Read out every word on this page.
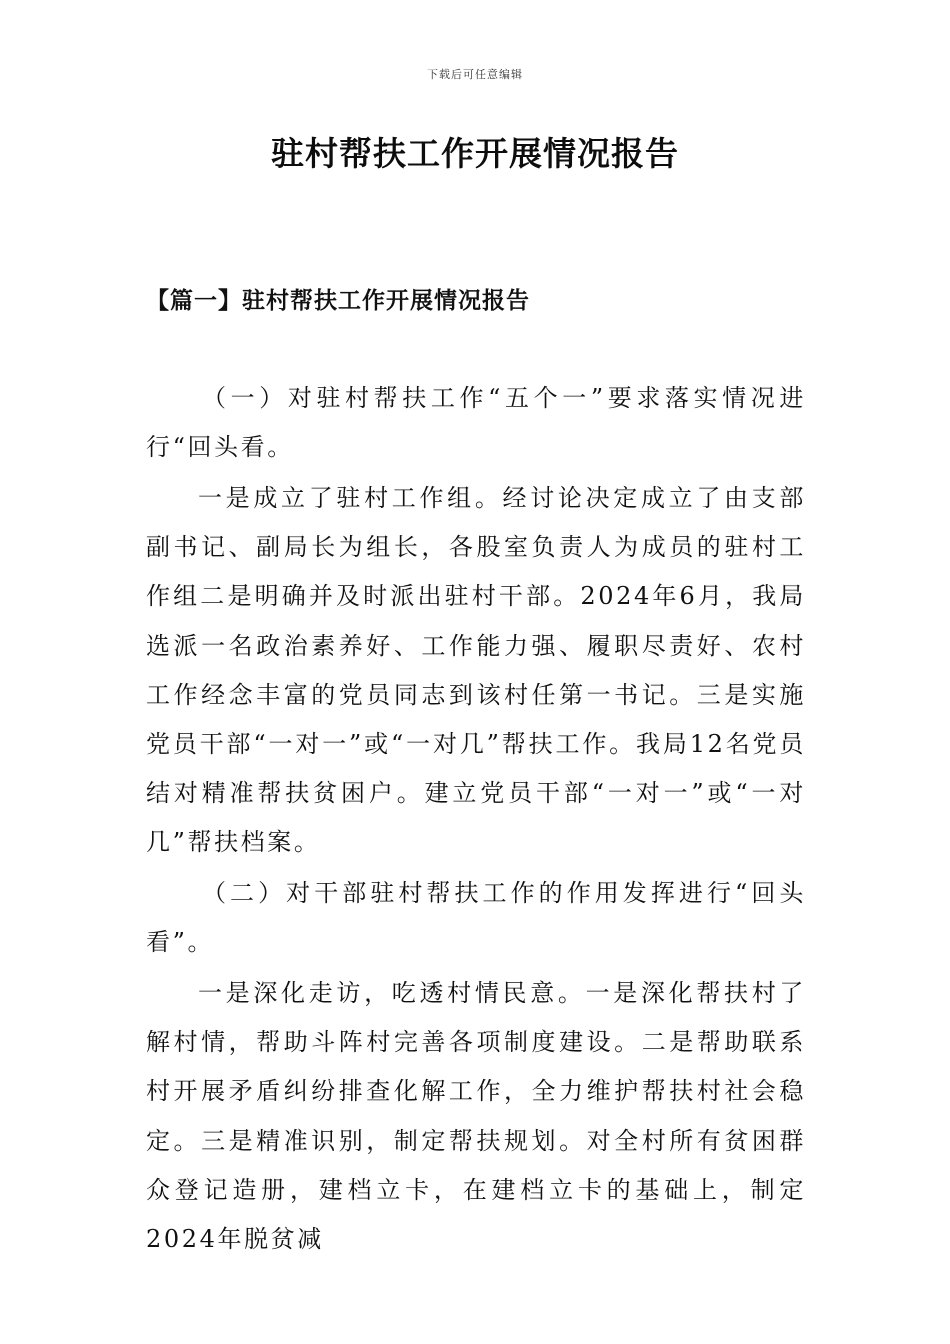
下载后可任意编辑
驻村帮扶工作开展情况报告
【篇一】驻村帮扶工作开展情况报告

（一）对驻村帮扶工作“五个一”要求落实情况进行“回头看。

一是成立了驻村工作组。经讨论决定成立了由支部副书记、副局长为组长，各股室负责人为成员的驻村工作组二是明确并及时派出驻村干部。2024年6月，我局选派一名政治素养好、工作能力强、履职尽责好、农村工作经念丰富的党员同志到该村任第一书记。三是实施党员干部“一对一”或“一对几”帮扶工作。我局12名党员结对精准帮扶贫困户。建立党员干部“一对一”或“一对几”帮扶档案。

（二）对干部驻村帮扶工作的作用发挥进行“回头看”。

一是深化走访，吃透村情民意。一是深化帮扶村了解村情，帮助斗阵村完善各项制度建设。二是帮助联系村开展矛盾纠纷排查化解工作，全力维护帮扶村社会稳定。三是精准识别，制定帮扶规划。对全村所有贫困群众登记造册，建档立卡，在建档立卡的基础上，制定2024年脱贫减
